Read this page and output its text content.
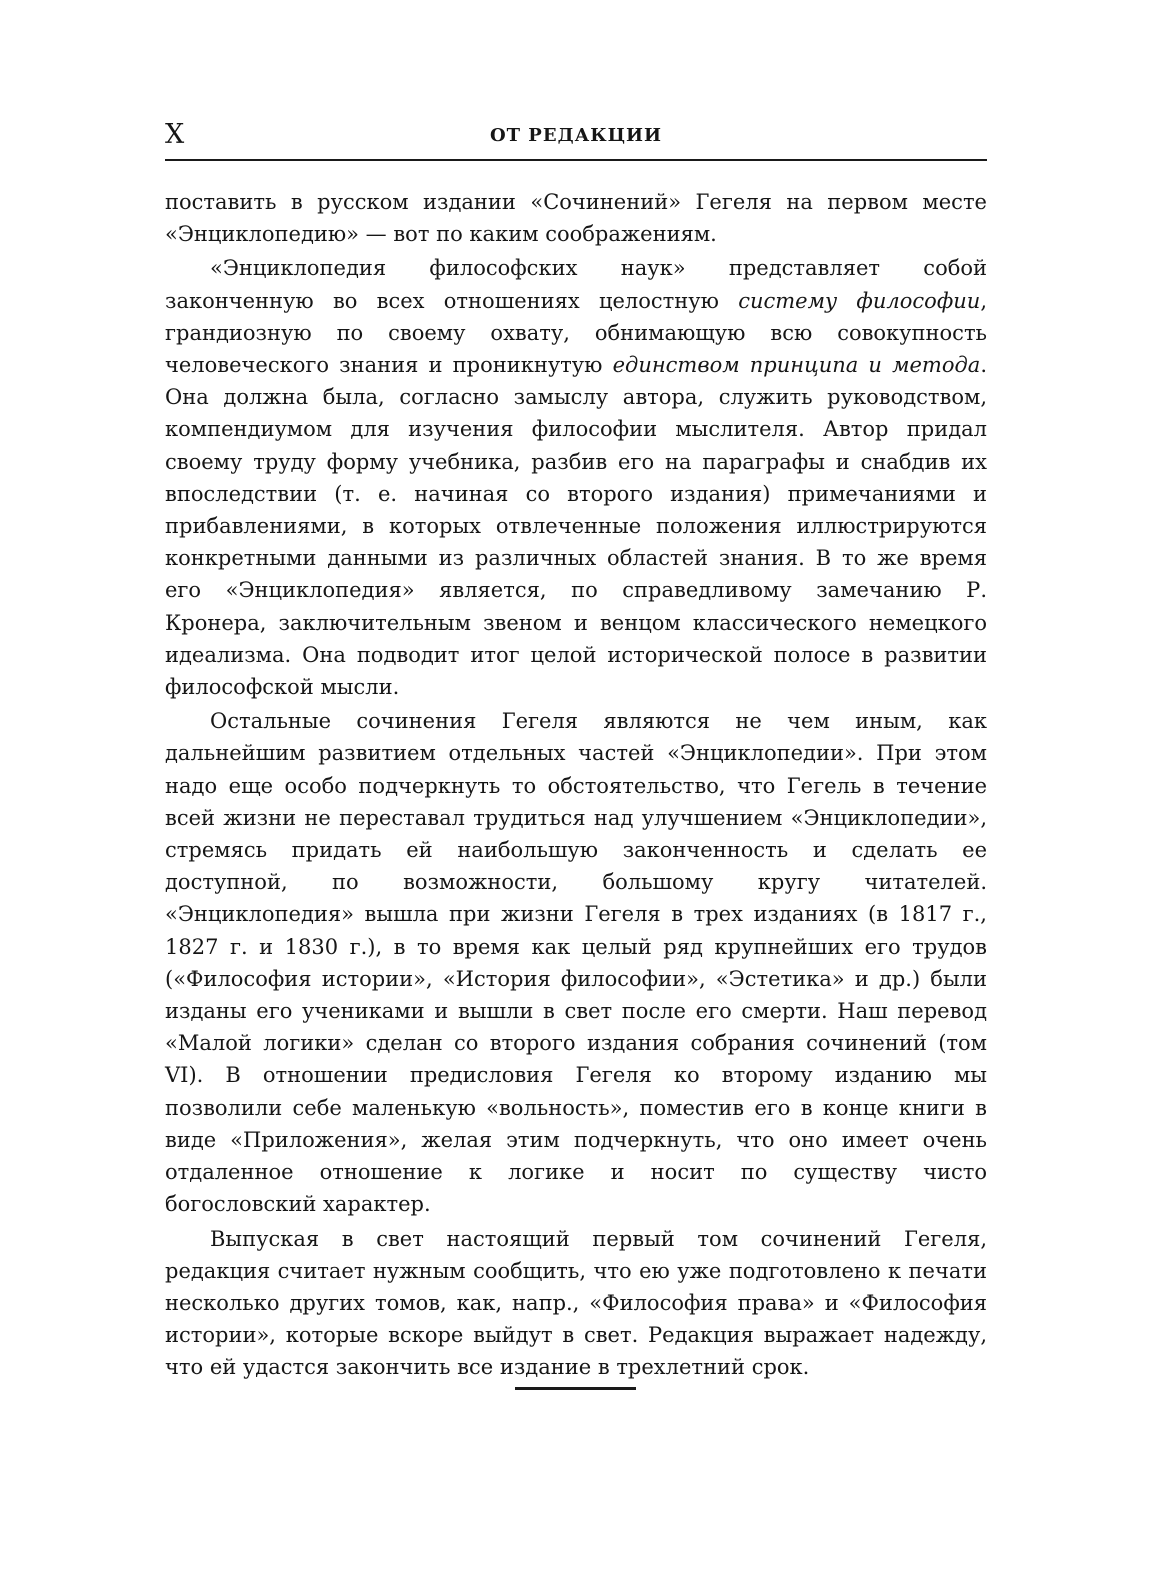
X	ОТ РЕДАКЦИИ

поставить в русском издании «Сочинений» Гегеля на первом месте «Энциклопедию» — вот по каким соображениям.

«Энциклопедия философских наук» представляет собой законченную во всех отношениях целостную систему философии, грандиозную по своему охвату, обнимающую всю совокупность человеческого знания и проникнутую единством принципа и метода. Она должна была, согласно замыслу автора, служить руководством, компендиумом для изучения философии мыслителя. Автор придал своему труду форму учебника, разбив его на параграфы и снабдив их впоследствии (т. е. начиная со второго издания) примечаниями и прибавлениями, в которых отвлеченные положения иллюстрируются конкретными данными из различных областей знания. В то же время его «Энциклопедия» является, по справедливому замечанию Р. Кронера, заключительным звеном и венцом классического немецкого идеализма. Она подводит итог целой исторической полосе в развитии философской мысли.

Остальные сочинения Гегеля являются не чем иным, как дальнейшим развитием отдельных частей «Энциклопедии». При этом надо еще особо подчеркнуть то обстоятельство, что Гегель в течение всей жизни не переставал трудиться над улучшением «Энциклопедии», стремясь придать ей наибольшую законченность и сделать ее доступной, по возможности, большому кругу читателей. «Энциклопедия» вышла при жизни Гегеля в трех изданиях (в 1817 г., 1827 г. и 1830 г.), в то время как целый ряд крупнейших его трудов («Философия истории», «История философии», «Эстетика» и др.) были изданы его учениками и вышли в свет после его смерти. Наш перевод «Малой логики» сделан со второго издания собрания сочинений (том VI). В отношении предисловия Гегеля ко второму изданию мы позволили себе маленькую «вольность», поместив его в конце книги в виде «Приложения», желая этим подчеркнуть, что оно имеет очень отдаленное отношение к логике и носит по существу чисто богословский характер.

Выпуская в свет настоящий первый том сочинений Гегеля, редакция считает нужным сообщить, что ею уже подготовлено к печати несколько других томов, как, напр., «Философия права» и «Философия истории», которые вскоре выйдут в свет. Редакция выражает надежду, что ей удастся закончить все издание в трехлетний срок.
